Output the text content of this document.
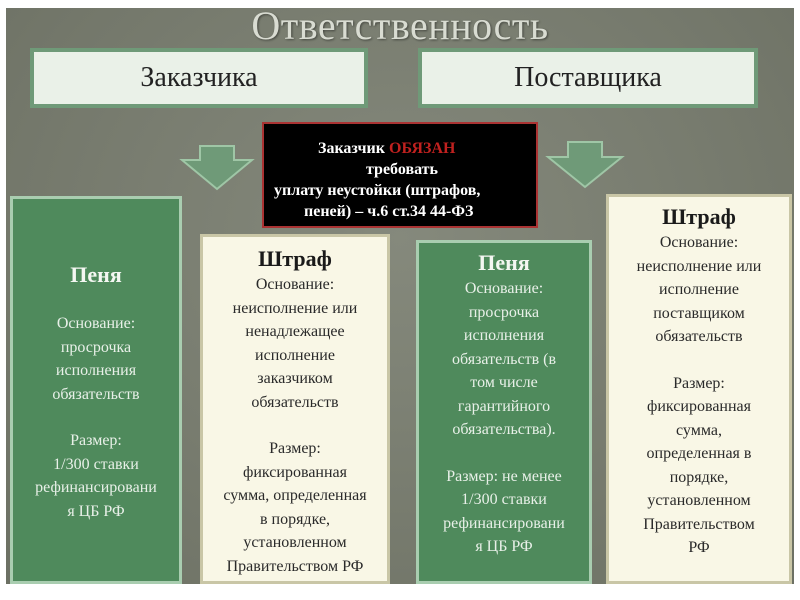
Ответственность
Заказчика	Поставщика
Заказчик ОБЯЗАН
требовать
уплату неустойки (штрафов,
пеней) – ч.6 ст.34 44-ФЗ
Пеня
Основание:
просрочка
исполнения
обязательств
Размер:
1/300 ставки
рефинансировани
я ЦБ РФ
Штраф
Основание:
неисполнение или
ненадлежащее
исполнение
заказчиком
обязательств
Размер:
фиксированная
сумма, определенная
в порядке,
установленном
Правительством РФ
Пеня
Основание:
просрочка
исполнения
обязательств (в
том числе
гарантийного
обязательства).
Размер: не менее
1/300 ставки
рефинансировани
я ЦБ РФ
Штраф
Основание:
неисполнение или
исполнение
поставщиком
обязательств
Размер:
фиксированная
сумма,
определенная в
порядке,
установленном
Правительством
РФ
